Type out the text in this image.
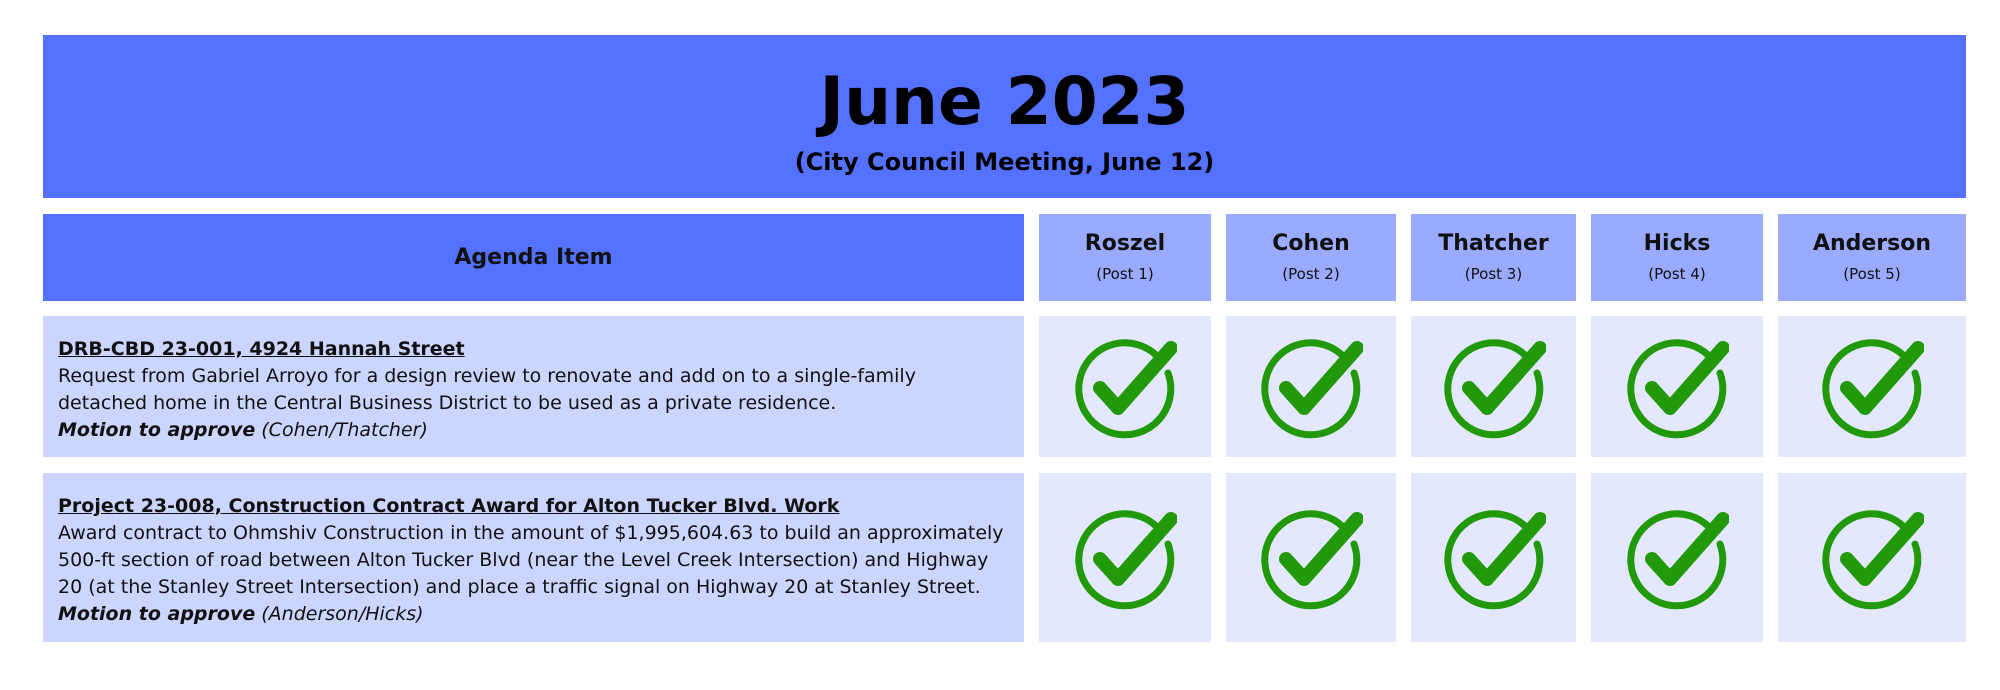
June 2023
(City Council Meeting, June 12)
Agenda Item
Roszel
(Post 1)
Cohen
(Post 2)
Thatcher
(Post 3)
Hicks
(Post 4)
Anderson
(Post 5)
DRB-CBD 23-001, 4924 Hannah Street
Request from Gabriel Arroyo for a design review to renovate and add on to a single-family detached home in the Central Business District to be used as a private residence.
Motion to approve (Cohen/Thatcher)
Project 23-008, Construction Contract Award for Alton Tucker Blvd. Work
Award contract to Ohmshiv Construction in the amount of $1,995,604.63 to build an approximately 500-ft section of road between Alton Tucker Blvd (near the Level Creek Intersection) and Highway 20 (at the Stanley Street Intersection) and place a traffic signal on Highway 20 at Stanley Street.
Motion to approve (Anderson/Hicks)
